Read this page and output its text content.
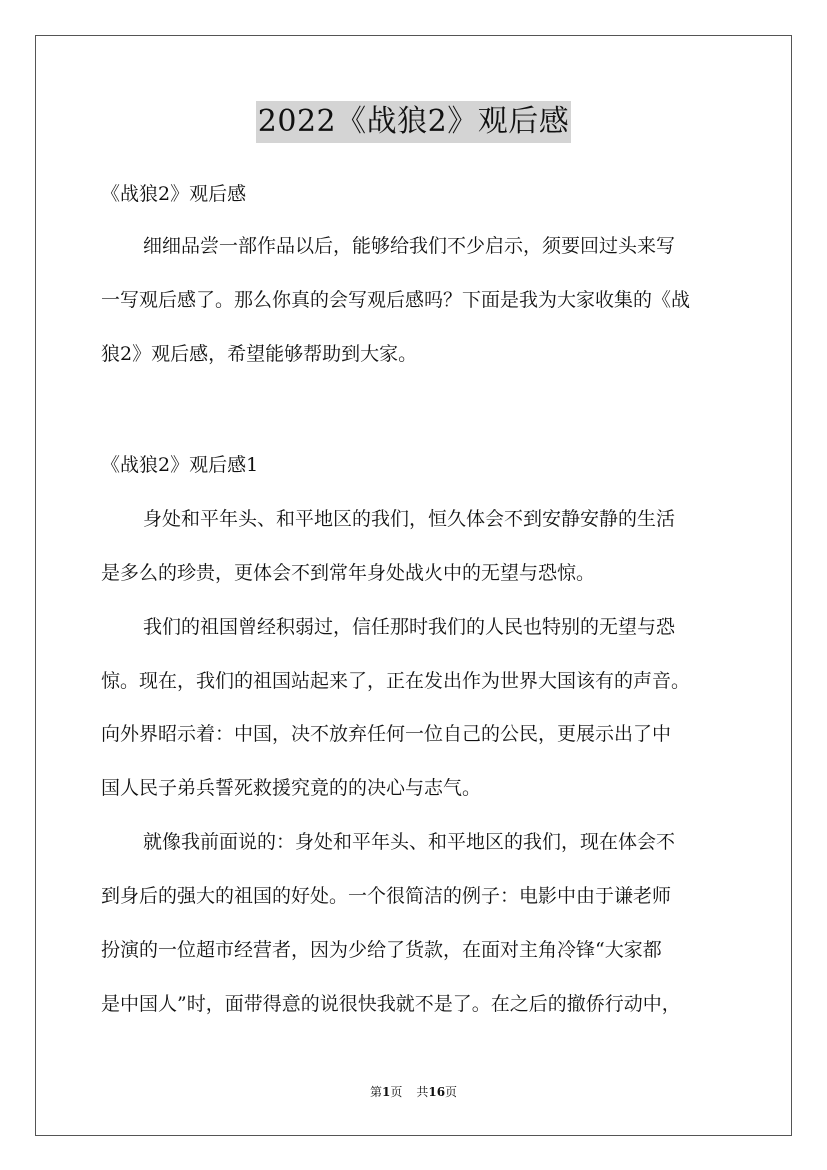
2022《战狼2》观后感

《战狼2》观后感

细细品尝一部作品以后，能够给我们不少启示，须要回过头来写

一写观后感了。那么你真的会写观后感吗？下面是我为大家收集的《战

狼2》观后感，希望能够帮助到大家。

《战狼2》观后感1

身处和平年头、和平地区的我们，恒久体会不到安静安静的生活

是多么的珍贵，更体会不到常年身处战火中的无望与恐惊。

我们的祖国曾经积弱过，信任那时我们的人民也特别的无望与恐

惊。现在，我们的祖国站起来了，正在发出作为世界大国该有的声音。

向外界昭示着：中国，决不放弃任何一位自己的公民，更展示出了中

国人民子弟兵誓死救援究竟的的决心与志气。

就像我前面说的：身处和平年头、和平地区的我们，现在体会不

到身后的强大的祖国的好处。一个很简洁的例子：电影中由于谦老师

扮演的一位超市经营者，因为少给了货款，在面对主角冷锋“大家都

是中国人”时，面带得意的说很快我就不是了。在之后的撤侨行动中，

第1页 共16页
